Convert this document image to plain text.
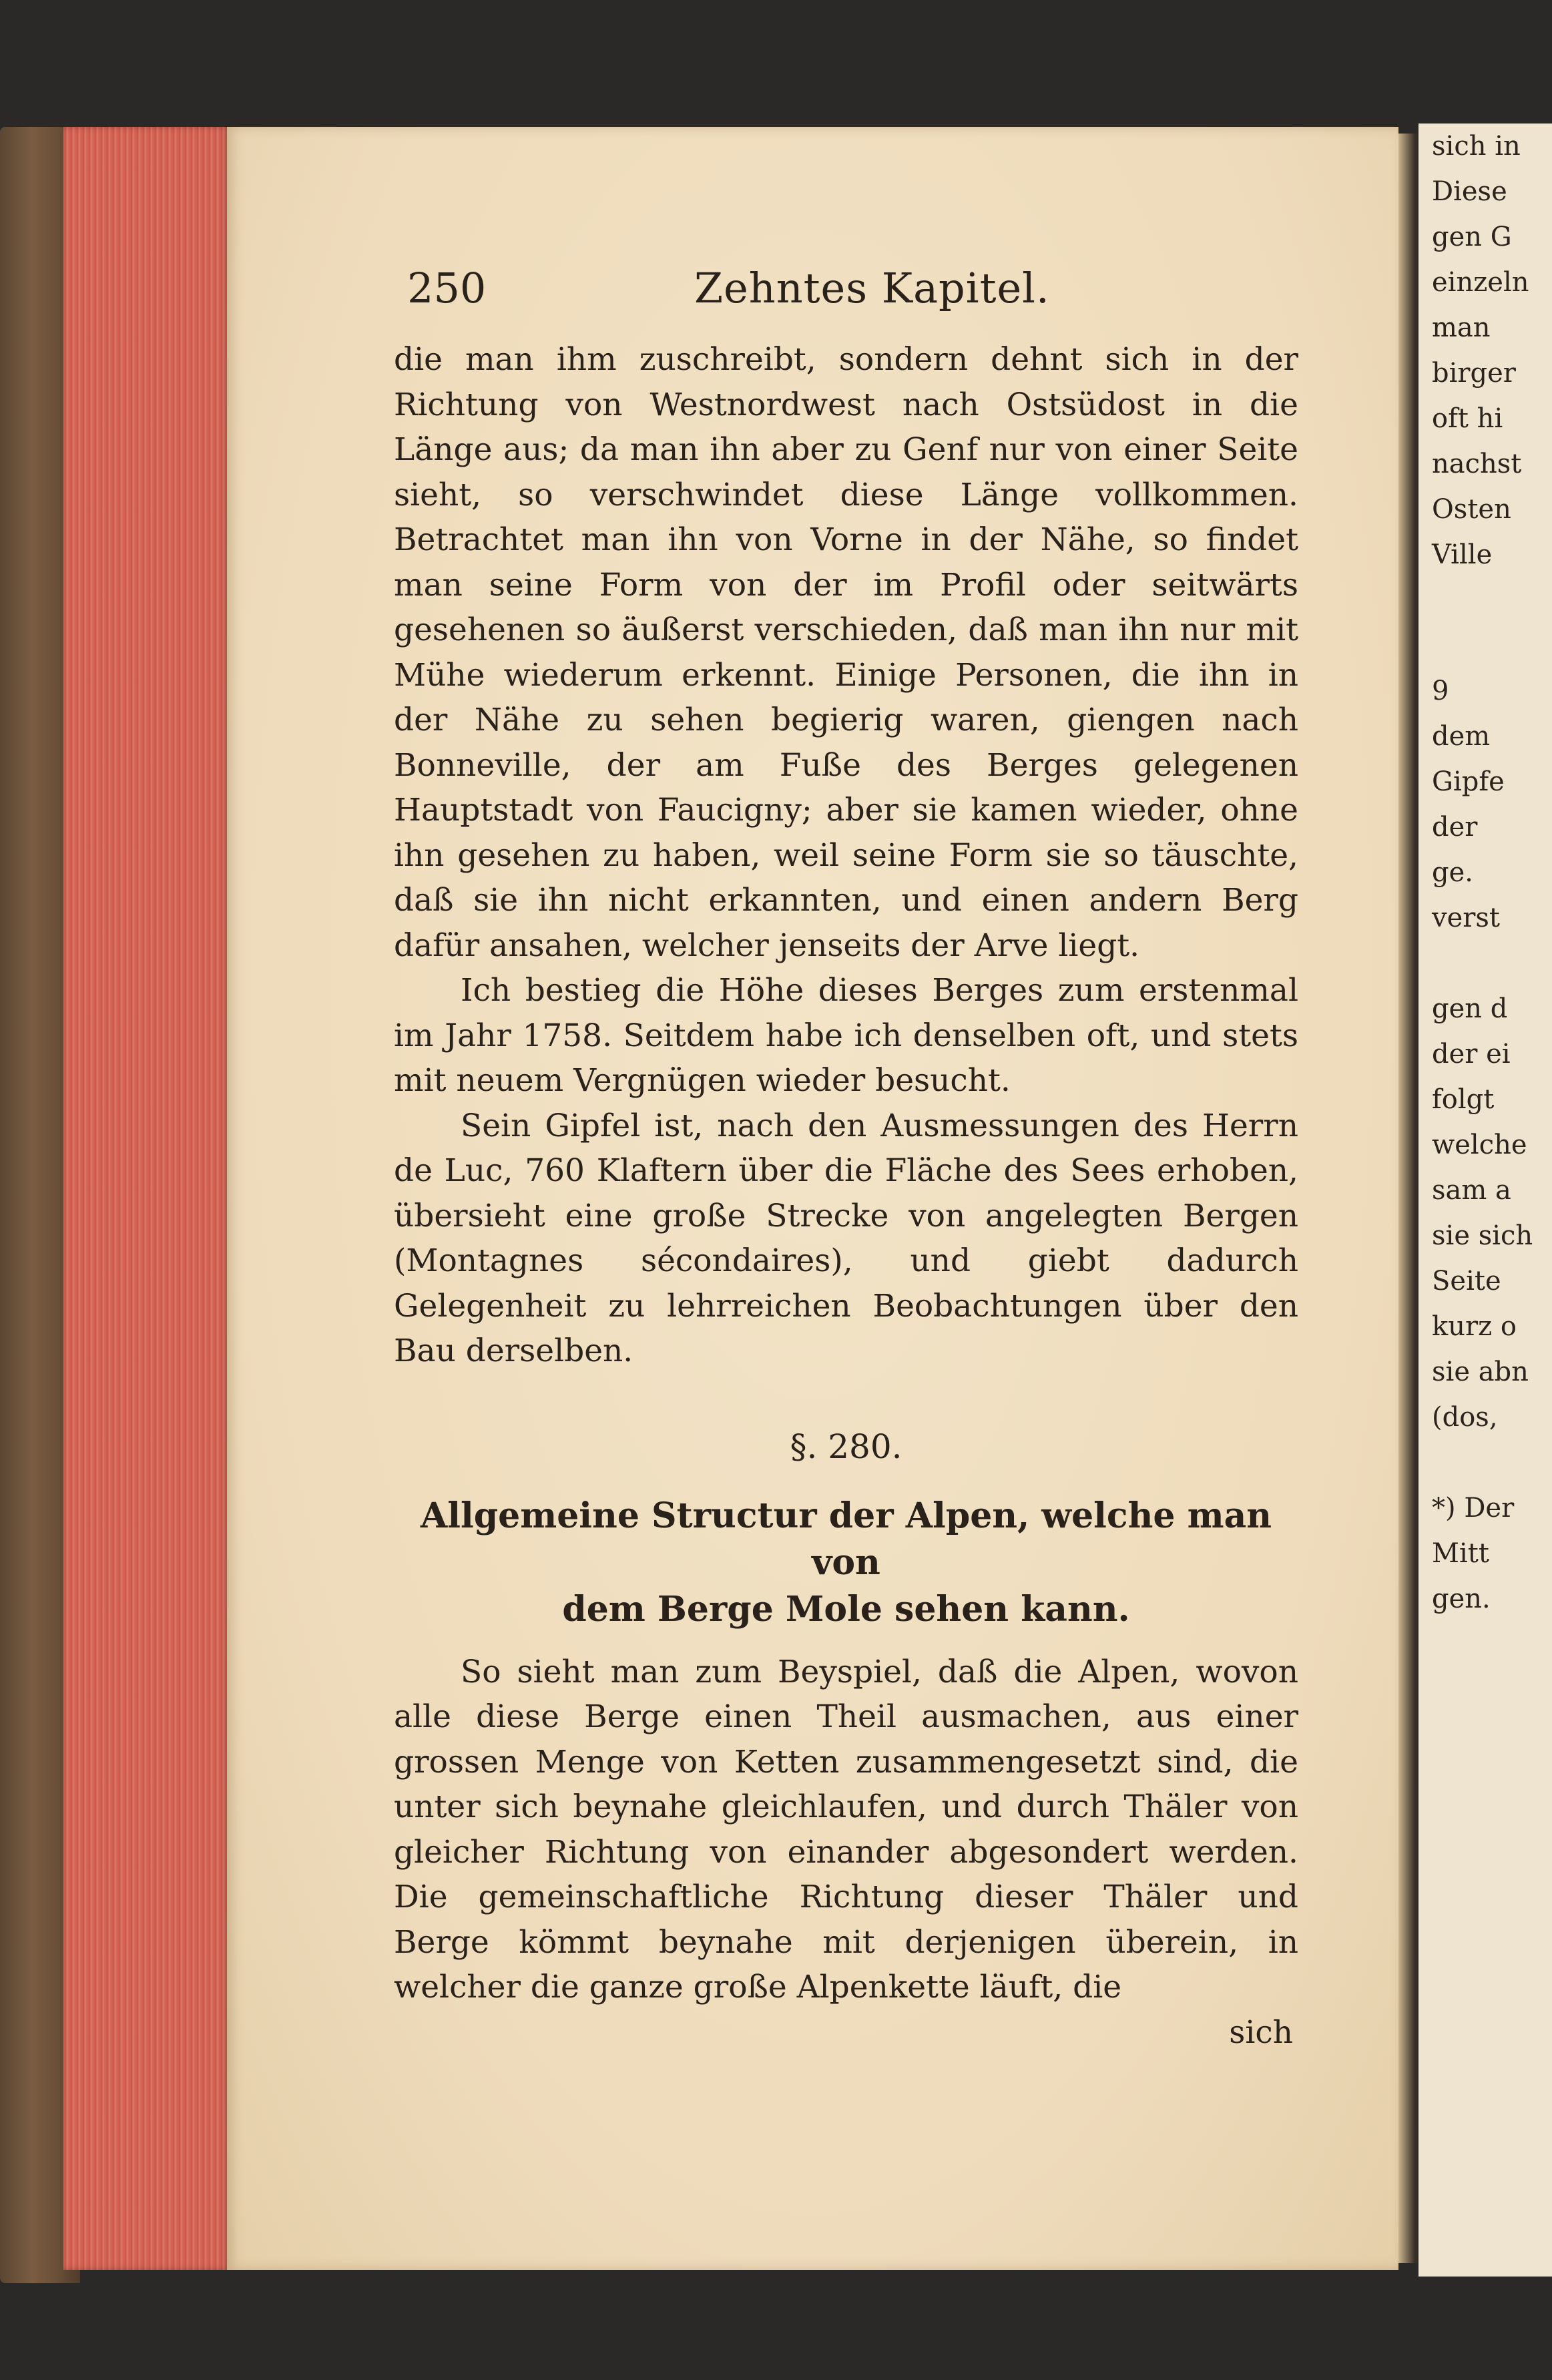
sich in
Diese
gen G
einzeln
man
birger
oft hi
nachst
Osten
Ville

9
dem
Gipfe
der
ge.
verst

gen d
der ei
folgt
welche
sam a
sie sich
Seite
kurz o
sie abn
(dos,

*) Der
Mitt
gen.
250	Zehntes Kapitel.

die man ihm zuschreibt, sondern dehnt sich in der Richtung von Westnordwest nach Ostsüdost in die Länge aus; da man ihn aber zu Genf nur von einer Seite sieht, so verschwindet diese Länge vollkommen. Betrachtet man ihn von Vorne in der Nähe, so findet man seine Form von der im Profil oder seitwärts gesehenen so äußerst verschieden, daß man ihn nur mit Mühe wiederum erkennt. Einige Personen, die ihn in der Nähe zu sehen begierig waren, giengen nach Bonneville, der am Fuße des Berges gelegenen Hauptstadt von Faucigny; aber sie kamen wieder, ohne ihn gesehen zu haben, weil seine Form sie so täuschte, daß sie ihn nicht erkannten, und einen andern Berg dafür ansahen, welcher jenseits der Arve liegt.

Ich bestieg die Höhe dieses Berges zum erstenmal im Jahr 1758. Seitdem habe ich denselben oft, und stets mit neuem Vergnügen wieder besucht.

Sein Gipfel ist, nach den Ausmessungen des Herrn de Luc, 760 Klaftern über die Fläche des Sees erhoben, übersieht eine große Strecke von angelegten Bergen (Montagnes sécondaires), und giebt dadurch Gelegenheit zu lehrreichen Beobachtungen über den Bau derselben.

§. 280.
Allgemeine Structur der Alpen, welche man von
dem Berge Mole sehen kann.

So sieht man zum Beyspiel, daß die Alpen, wovon alle diese Berge einen Theil ausmachen, aus einer grossen Menge von Ketten zusammengesetzt sind, die unter sich beynahe gleichlaufen, und durch Thäler von gleicher Richtung von einander abgesondert werden. Die gemeinschaftliche Richtung dieser Thäler und Berge kömmt beynahe mit derjenigen überein, in welcher die ganze große Alpenkette läuft, die

sich
